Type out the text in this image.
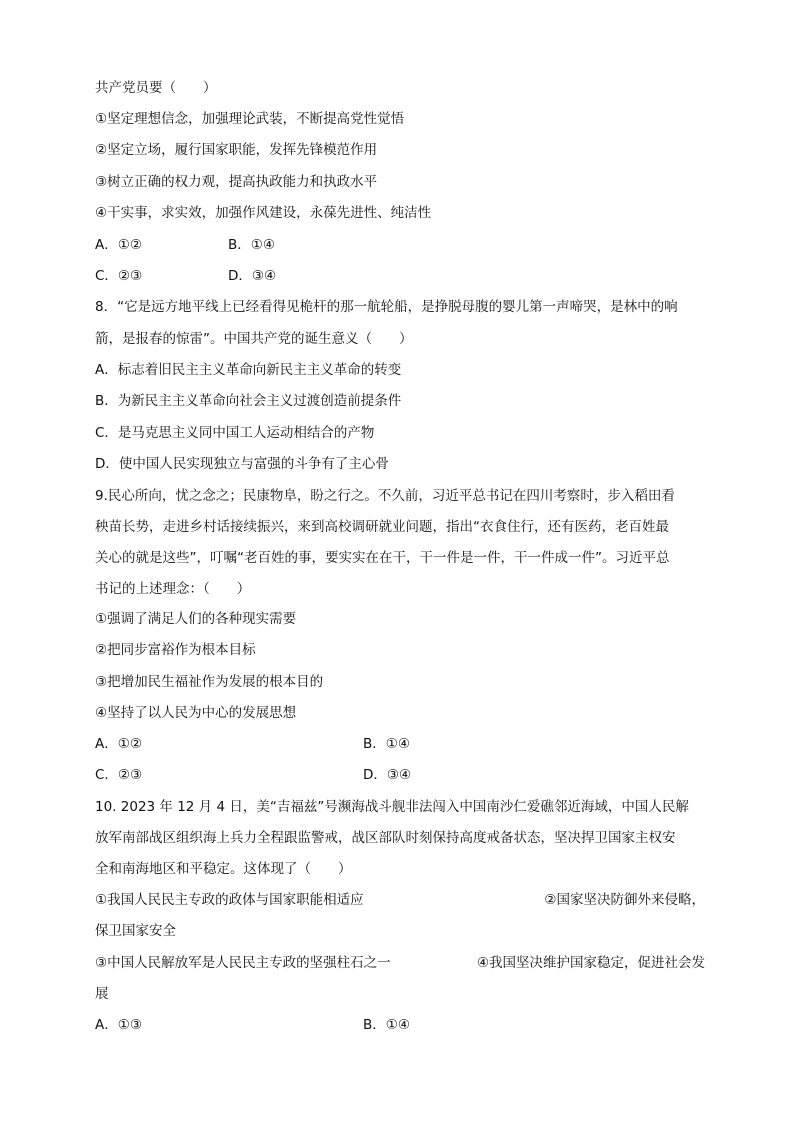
共产党员要（　　）
①坚定理想信念，加强理论武装，不断提高党性觉悟
②坚定立场，履行国家职能，发挥先锋模范作用
③树立正确的权力观，提高执政能力和执政水平
④干实事，求实效，加强作风建设，永葆先进性、纯洁性
A．①②	B．①④
C．②③	D．③④
8．“它是远方地平线上已经看得见桅杆的那一航轮船，是挣脱母腹的婴儿第一声啼哭，是林中的响
箭，是报春的惊雷”。中国共产党的诞生意义（　　）
A．标志着旧民主主义革命向新民主主义革命的转变
B．为新民主主义革命向社会主义过渡创造前提条件
C．是马克思主义同中国工人运动相结合的产物
D．使中国人民实现独立与富强的斗争有了主心骨
9.民心所向，忧之念之；民康物阜，盼之行之。不久前，习近平总书记在四川考察时，步入稻田看
秧苗长势，走进乡村话接续振兴，来到高校调研就业问题，指出“衣食住行，还有医药，老百姓最
关心的就是这些”，叮嘱“老百姓的事，要实实在在干，干一件是一件，干一件成一件”。习近平总
书记的上述理念：（　　）
①强调了满足人们的各种现实需要
②把同步富裕作为根本目标
③把增加民生福祉作为发展的根本目的
④坚持了以人民为中心的发展思想
A．①②	B．①④
C．②③	D．③④
10. 2023 年 12 月 4 日，美“吉福兹”号濒海战斗舰非法闯入中国南沙仁爱礁邻近海域，中国人民解
放军南部战区组织海上兵力全程跟监警戒，战区部队时刻保持高度戒备状态，坚决捍卫国家主权安
全和南海地区和平稳定。这体现了（　　）
①我国人民民主专政的政体与国家职能相适应	②国家坚决防御外来侵略，
保卫国家安全
③中国人民解放军是人民民主专政的坚强柱石之一	④我国坚决维护国家稳定，促进社会发
展
A．①③	B．①④
